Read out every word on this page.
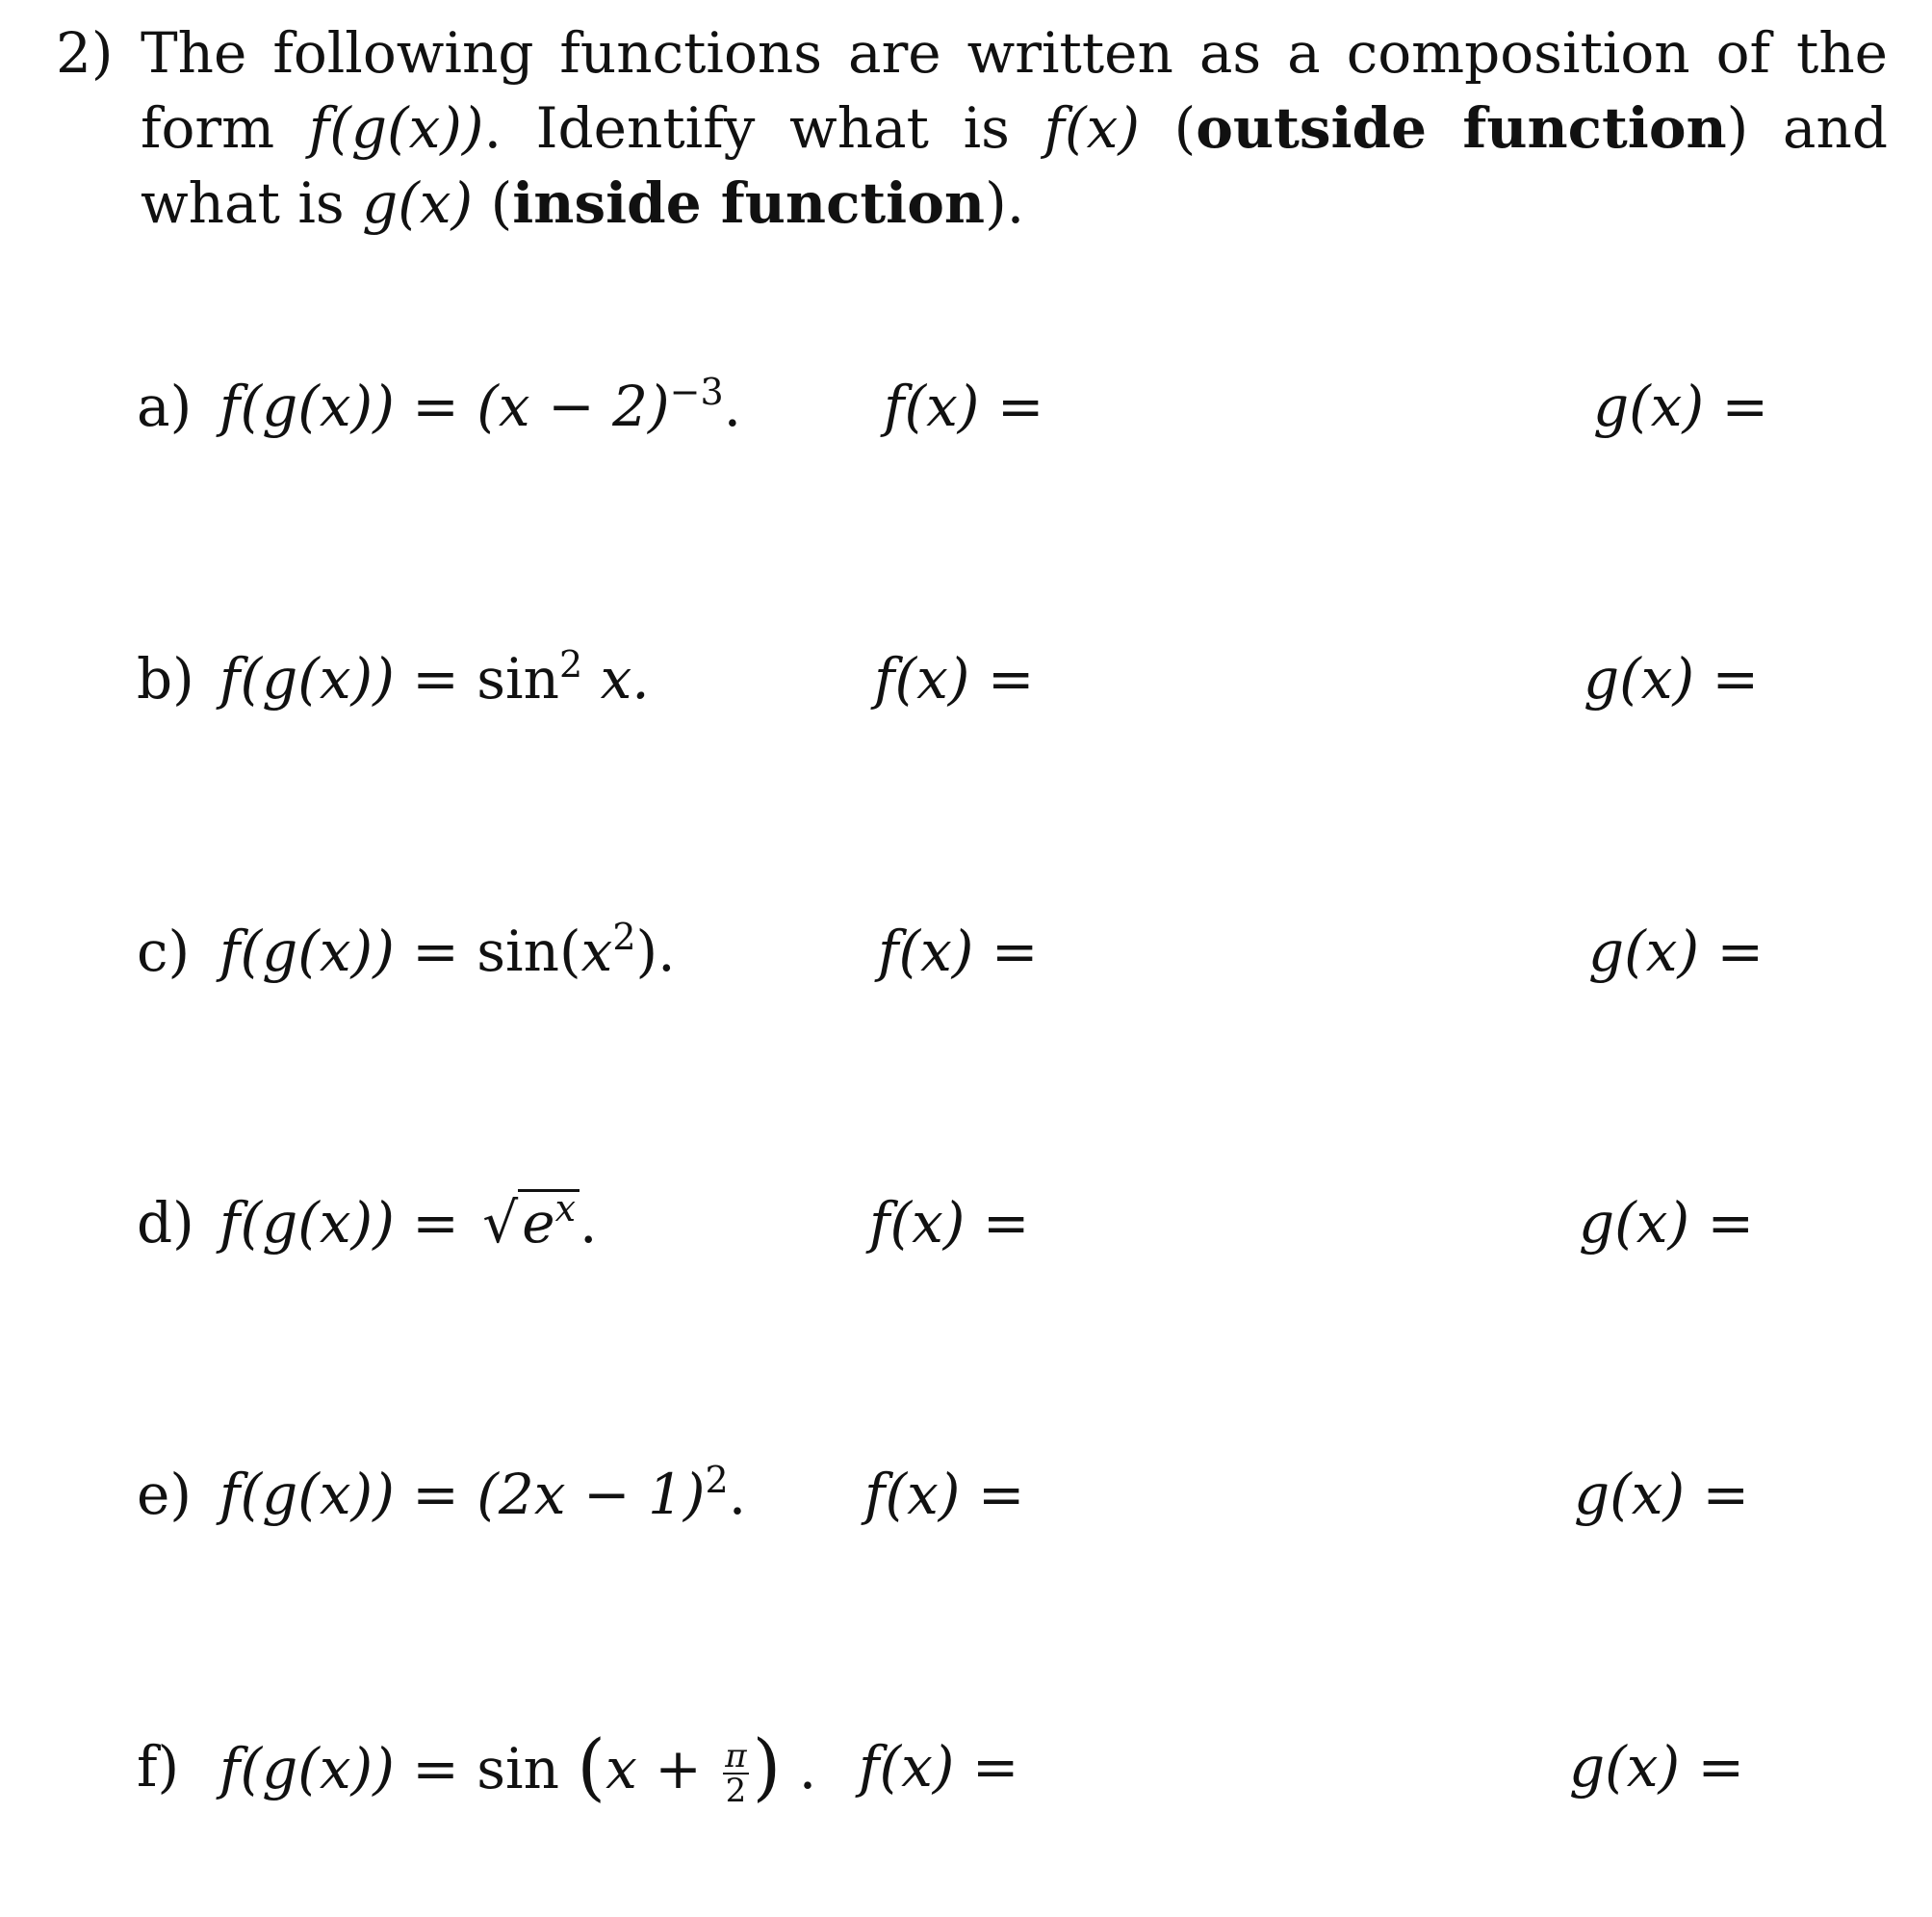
2) The following functions are written as a composition of the form f(g(x)). Identify what is f(x) (outside function) and what is g(x) (inside function).
a) $f(g(x)) = (x - 2)^{-3}$.	f(x) =	g(x) =
b) $f(g(x)) = \sin^2 x$.	f(x) =	g(x) =
c) $f(g(x)) = \sin(x^2)$.	f(x) =	g(x) =
d) $f(g(x)) = √e^x$.	f(x) =	g(x) =
e) $f(g(x)) = (2x - 1)^2$. f(x) =	g(x) =
f) $f(g(x)) = \sin (x + \frac{\pi}{2}$ ) . f(x) =	g(x) =
